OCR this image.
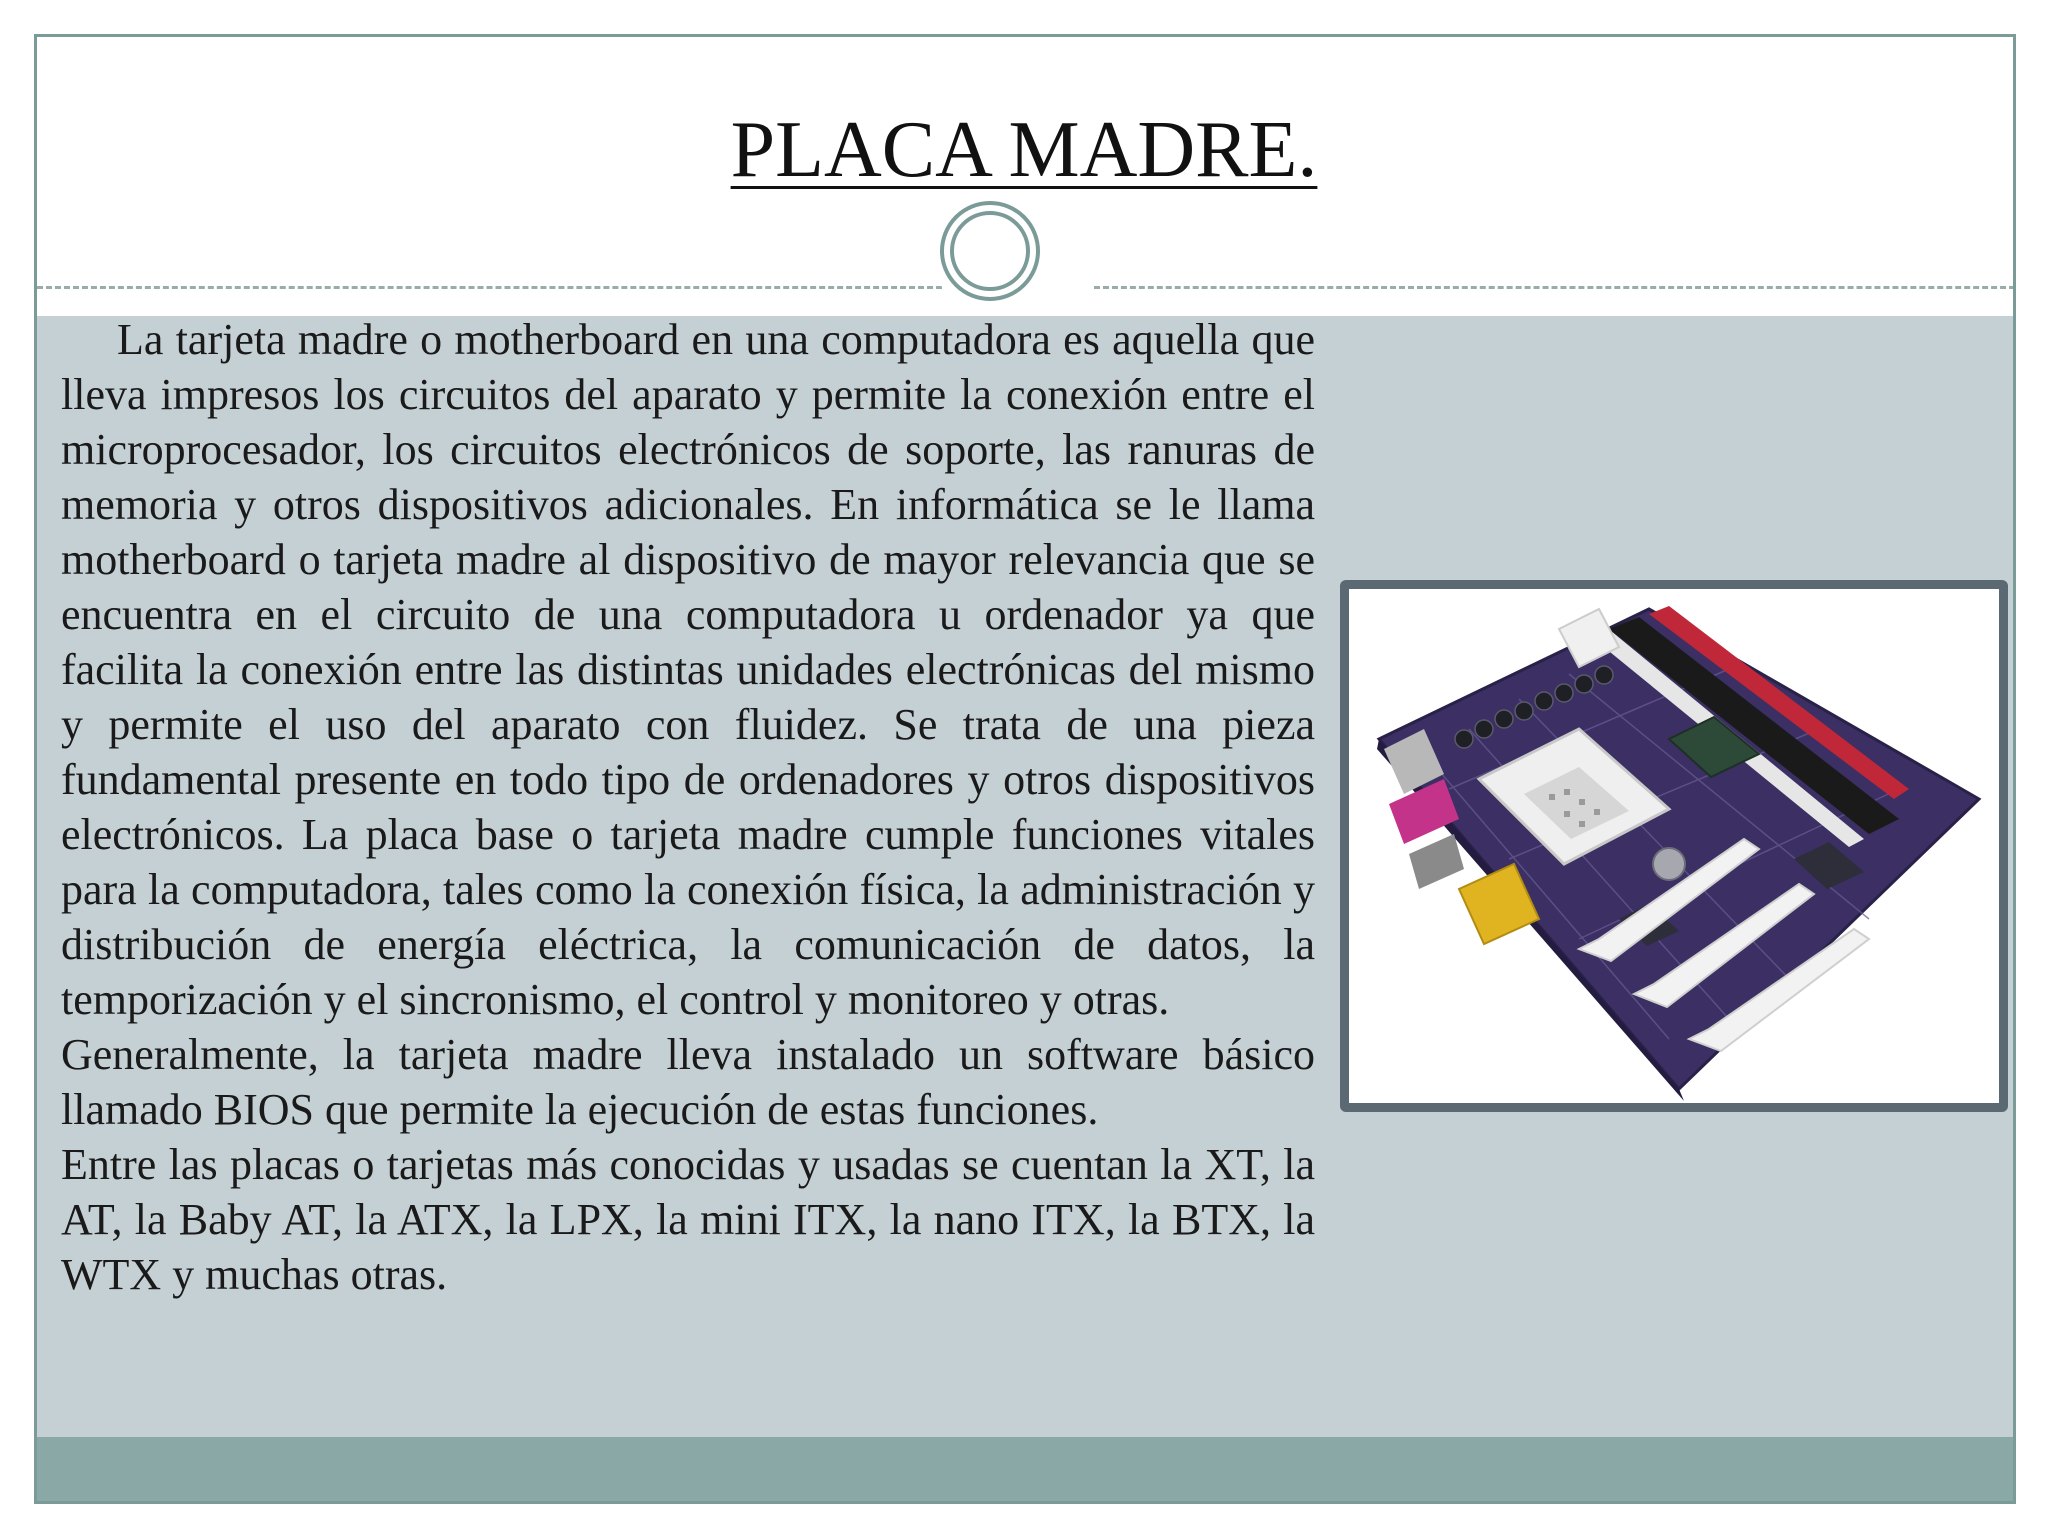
PLACA MADRE.

La tarjeta madre o motherboard en una computadora es aquella que lleva impresos los circuitos del aparato y permite la conexión entre el microprocesador, los circuitos electrónicos de soporte, las ranuras de memoria y otros dispositivos adicionales. En informática se le llama motherboard o tarjeta madre al dispositivo de mayor relevancia que se encuentra en el circuito de una computadora u ordenador ya que facilita la conexión entre las distintas unidades electrónicas del mismo y permite el uso del aparato con fluidez. Se trata de una pieza fundamental presente en todo tipo de ordenadores y otros dispositivos electrónicos. La placa base o tarjeta madre cumple funciones vitales para la computadora, tales como la conexión física, la administración y distribución de energía eléctrica, la comunicación de datos, la temporización y el sincronismo, el control y monitoreo y otras.

Generalmente, la tarjeta madre lleva instalado un software básico llamado BIOS que permite la ejecución de estas funciones.

Entre las placas o tarjetas más conocidas y usadas se cuentan la XT, la AT, la Baby AT, la ATX, la LPX, la mini ITX, la nano ITX, la BTX, la WTX y muchas otras.
